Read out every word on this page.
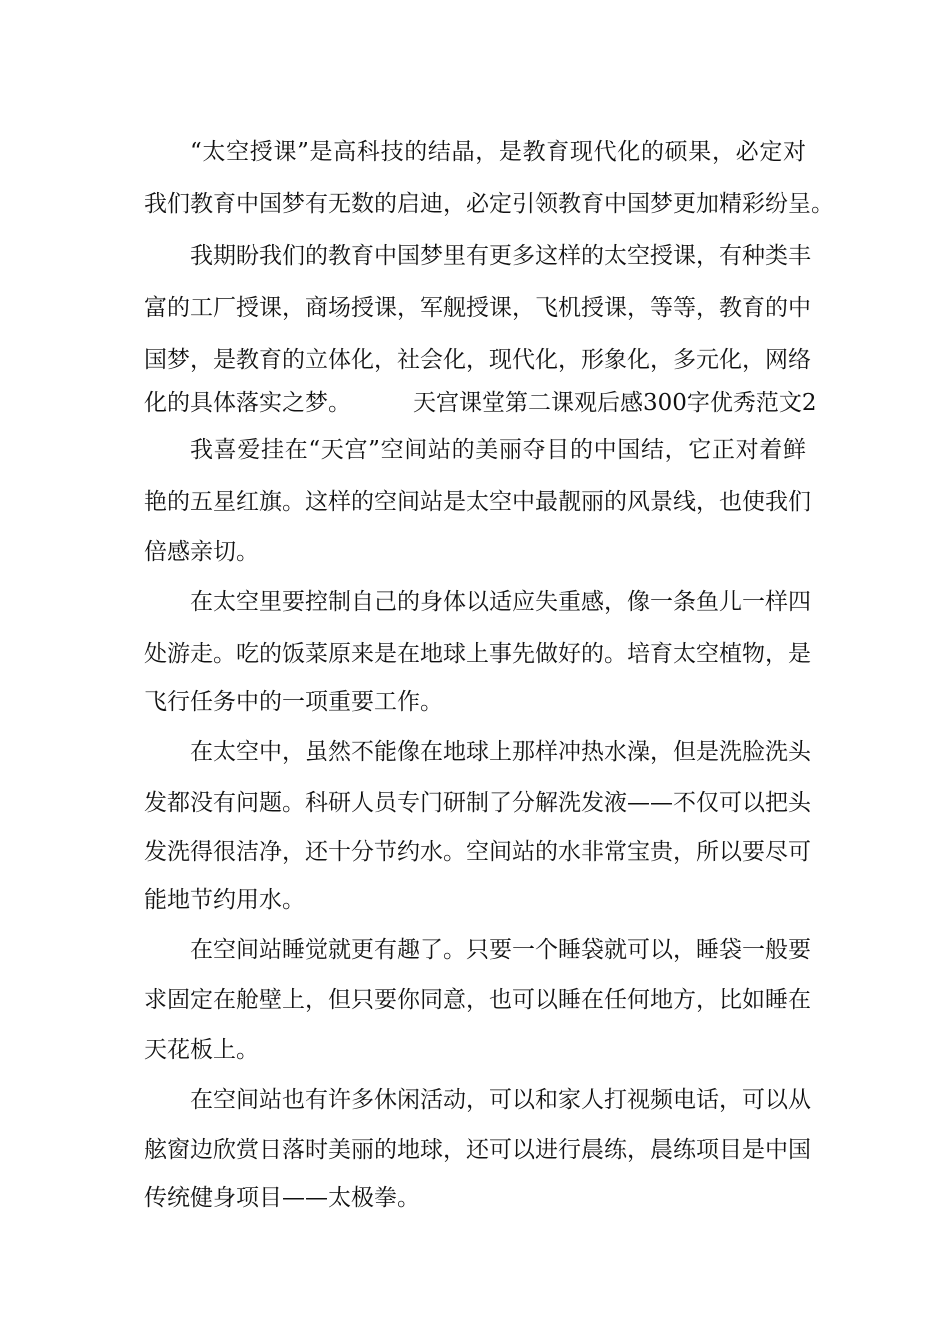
“太空授课”是高科技的结晶，是教育现代化的硕果，必定对
我们教育中国梦有无数的启迪，必定引领教育中国梦更加精彩纷呈。
我期盼我们的教育中国梦里有更多这样的太空授课，有种类丰
富的工厂授课，商场授课，军舰授课，飞机授课，等等，教育的中
国梦，是教育的立体化，社会化，现代化，形象化，多元化，网络
化的具体落实之梦。	天宫课堂第二课观后感300字优秀范文2
我喜爱挂在“天宫”空间站的美丽夺目的中国结，它正对着鲜
艳的五星红旗。这样的空间站是太空中最靓丽的风景线，也使我们
倍感亲切。
在太空里要控制自己的身体以适应失重感，像一条鱼儿一样四
处游走。吃的饭菜原来是在地球上事先做好的。培育太空植物，是
飞行任务中的一项重要工作。
在太空中，虽然不能像在地球上那样冲热水澡，但是洗脸洗头
发都没有问题。科研人员专门研制了分解洗发液——不仅可以把头
发洗得很洁净，还十分节约水。空间站的水非常宝贵，所以要尽可
能地节约用水。
在空间站睡觉就更有趣了。只要一个睡袋就可以，睡袋一般要
求固定在舱壁上，但只要你同意，也可以睡在任何地方，比如睡在
天花板上。
在空间站也有许多休闲活动，可以和家人打视频电话，可以从
舷窗边欣赏日落时美丽的地球，还可以进行晨练，晨练项目是中国
传统健身项目——太极拳。
